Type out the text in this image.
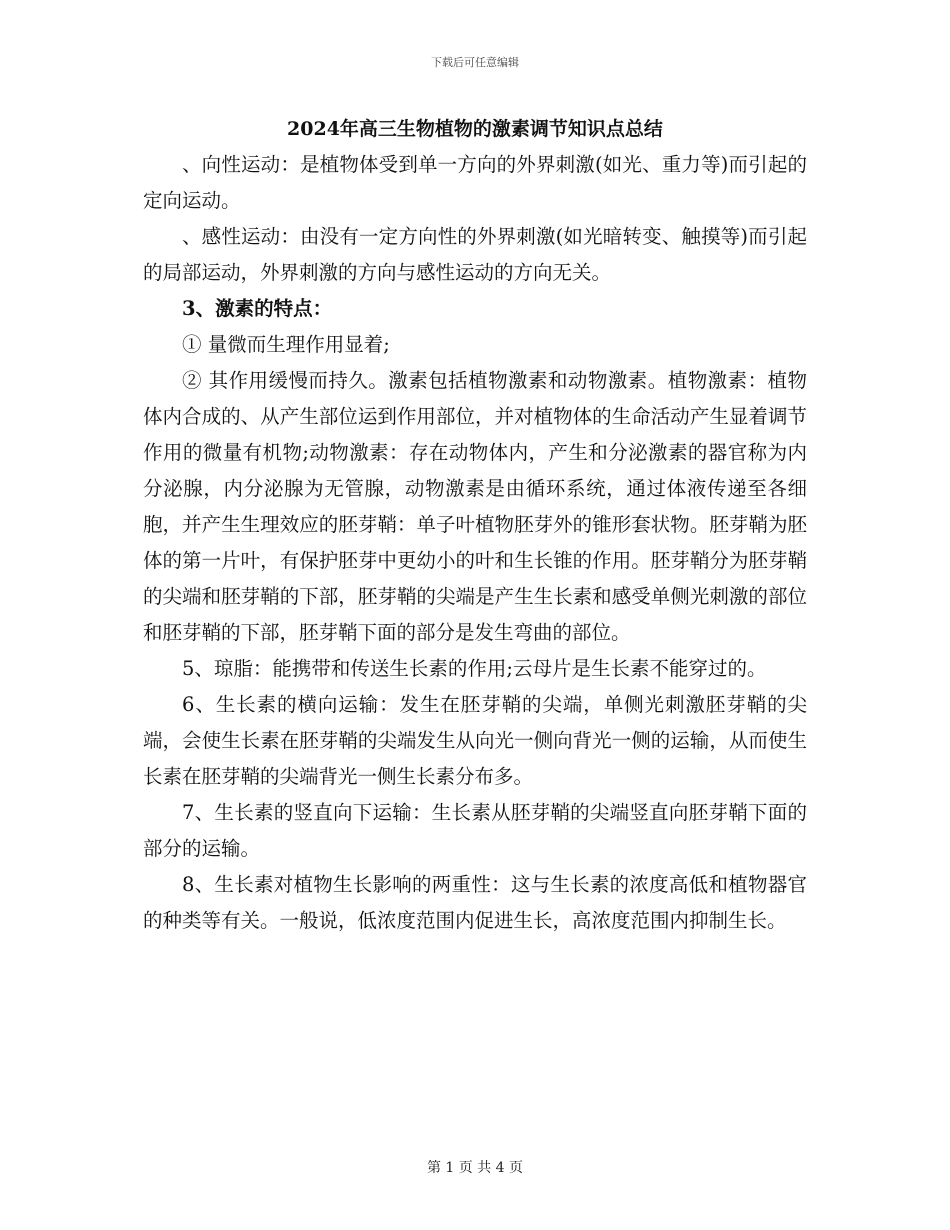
下载后可任意编辑
2024年高三生物植物的激素调节知识点总结

、向性运动：是植物体受到单一方向的外界刺激(如光、重力等)而引起的定向运动。

、感性运动：由没有一定方向性的外界刺激(如光暗转变、触摸等)而引起的局部运动，外界刺激的方向与感性运动的方向无关。

3、激素的特点：

① 量微而生理作用显着;

② 其作用缓慢而持久。激素包括植物激素和动物激素。植物激素：植物体内合成的、从产生部位运到作用部位，并对植物体的生命活动产生显着调节作用的微量有机物;动物激素：存在动物体内，产生和分泌激素的器官称为内分泌腺，内分泌腺为无管腺，动物激素是由循环系统，通过体液传递至各细胞，并产生生理效应的胚芽鞘：单子叶植物胚芽外的锥形套状物。胚芽鞘为胚体的第一片叶，有保护胚芽中更幼小的叶和生长锥的作用。胚芽鞘分为胚芽鞘的尖端和胚芽鞘的下部，胚芽鞘的尖端是产生生长素和感受单侧光刺激的部位和胚芽鞘的下部，胚芽鞘下面的部分是发生弯曲的部位。

5、琼脂：能携带和传送生长素的作用;云母片是生长素不能穿过的。

6、生长素的横向运输：发生在胚芽鞘的尖端，单侧光刺激胚芽鞘的尖端，会使生长素在胚芽鞘的尖端发生从向光一侧向背光一侧的运输，从而使生长素在胚芽鞘的尖端背光一侧生长素分布多。

7、生长素的竖直向下运输：生长素从胚芽鞘的尖端竖直向胚芽鞘下面的部分的运输。

8、生长素对植物生长影响的两重性：这与生长素的浓度高低和植物器官的种类等有关。一般说，低浓度范围内促进生长，高浓度范围内抑制生长。

第 1 页 共 4 页
